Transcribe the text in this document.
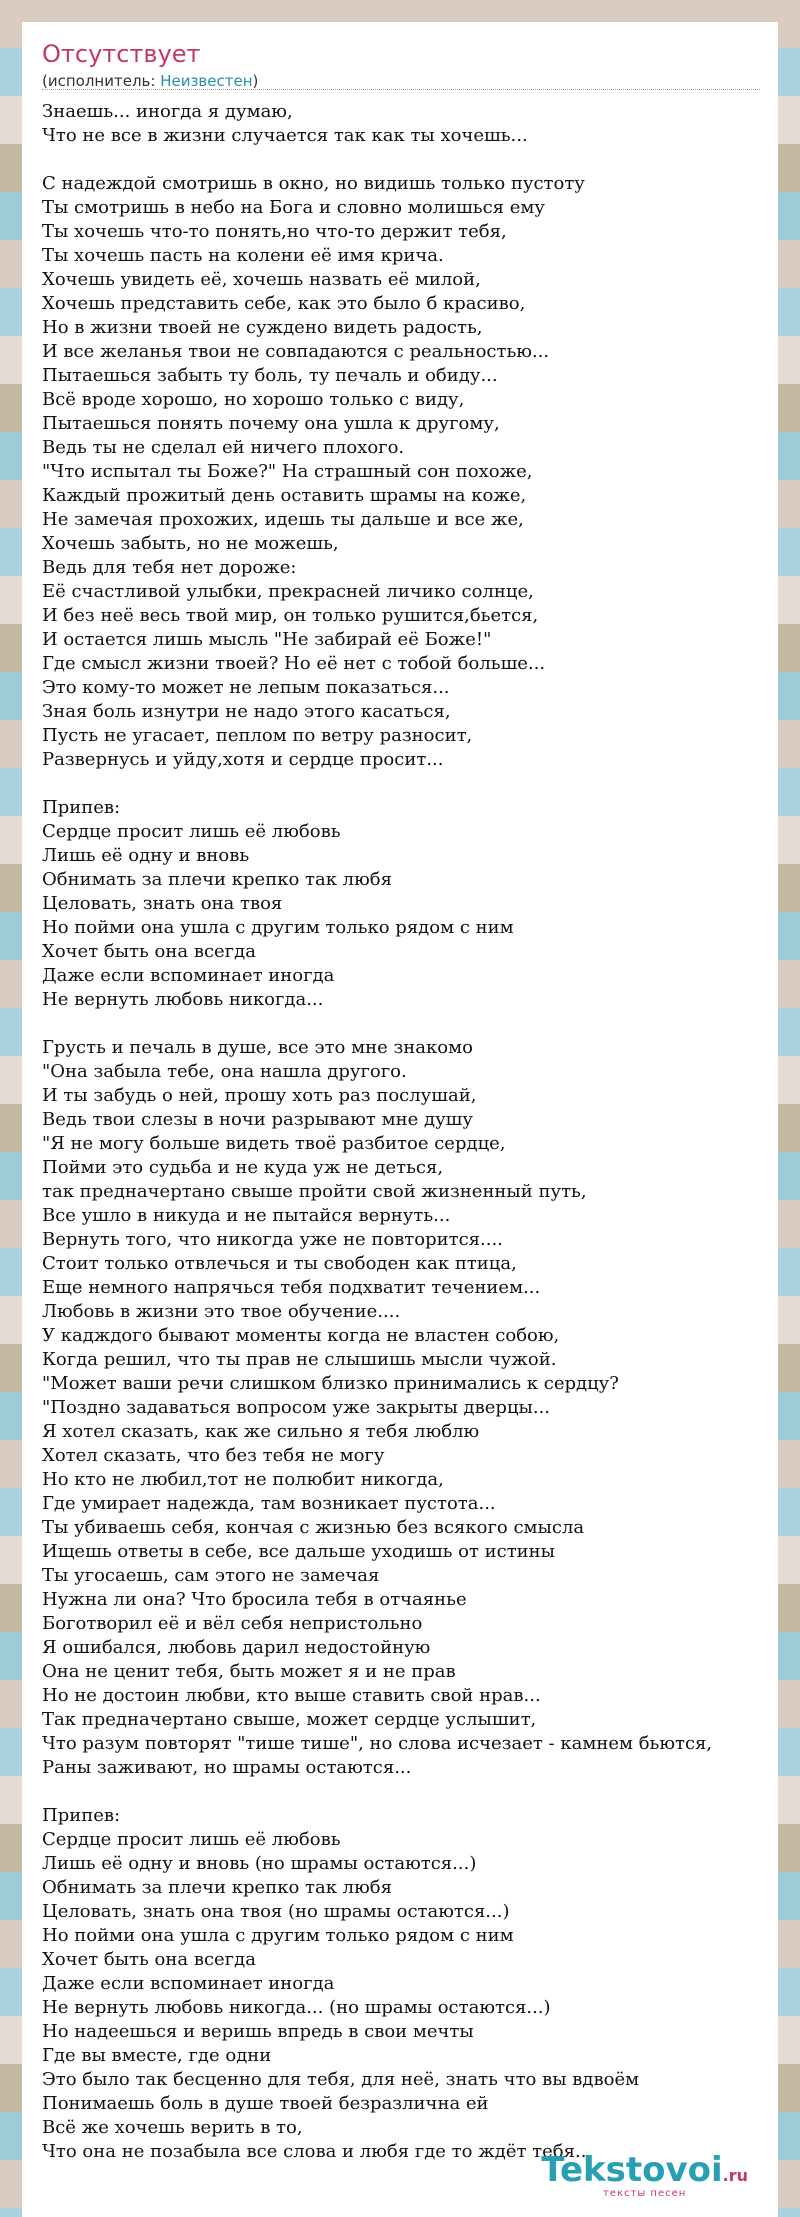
Отсутствует
(исполнитель: Неизвестен)
Знаешь... иногда я думаю,
Что не все в жизни случается так как ты хочешь...
С надеждой смотришь в окно, но видишь только пустоту
Ты смотришь в небо на Бога и словно молишься ему
Ты хочешь что-то понять,но что-то держит тебя,
Ты хочешь пасть на колени её имя крича.
Хочешь увидеть её, хочешь назвать её милой,
Хочешь представить себе, как это было б красиво,
Но в жизни твоей не суждено видеть радость,
И все желанья твои не совпадаются с реальностью...
Пытаешься забыть ту боль, ту печаль и обиду...
Всё вроде хорошо, но хорошо только с виду,
Пытаешься понять почему она ушла к другому,
Ведь ты не сделал ей ничего плохого.
"Что испытал ты Боже?" На страшный сон похоже,
Каждый прожитый день оставить шрамы на коже,
Не замечая прохожих, идешь ты дальше и все же,
Хочешь забыть, но не можешь,
Ведь для тебя нет дороже:
Её счастливой улыбки, прекрасней личико солнце,
И без неё весь твой мир, он только рушится,бьется,
И остается лишь мысль "Не забирай её Боже!"
Где смысл жизни твоей? Но её нет с тобой больше...
Это кому-то может не лепым показаться...
Зная боль изнутри не надо этого касаться,
Пусть не угасает, пеплом по ветру разносит,
Развернусь и уйду,хотя и сердце просит...
Припев:
Сердце просит лишь её любовь
Лишь её одну и вновь
Обнимать за плечи крепко так любя
Целовать, знать она твоя
Но пойми она ушла с другим только рядом с ним
Хочет быть она всегда
Даже если вспоминает иногда
Не вернуть любовь никогда...
Грусть и печаль в душе, все это мне знакомо
"Она забыла тебе, она нашла другого.
И ты забудь о ней, прошу хоть раз послушай,
Ведь твои слезы в ночи разрывают мне душу
"Я не могу больше видеть твоё разбитое сердце,
Пойми это судьба и не куда уж не деться,
так предначертано свыше пройти свой жизненный путь,
Все ушло в никуда и не пытайся вернуть...
Вернуть того, что никогда уже не повторится....
Стоит только отвлечься и ты свободен как птица,
Еще немного напрячься тебя подхватит течением...
Любовь в жизни это твое обучение....
У кадждого бывают моменты когда не властен собою,
Когда решил, что ты прав не слышишь мысли чужой.
"Может ваши речи слишком близко принимались к сердцу?
"Поздно задаваться вопросом уже закрыты дверцы...
Я хотел сказать, как же сильно я тебя люблю
Хотел сказать, что без тебя не могу
Но кто не любил,тот не полюбит никогда,
Где умирает надежда, там возникает пустота...
Ты убиваешь себя, кончая с жизнью без всякого смысла
Ищешь ответы в себе, все дальше уходишь от истины
Ты угосаешь, сам этого не замечая
Нужна ли она? Что бросила тебя в отчаянье
Боготворил её и вёл себя непристольно
Я ошибался, любовь дарил недостойную
Она не ценит тебя, быть может я и не прав
Но не достоин любви, кто выше ставить свой нрав...
Так предначертано свыше, может сердце услышит,
Что разум повторят "тише тише", но слова исчезает - камнем бьются,
Раны заживают, но шрамы остаются...
Припев:
Сердце просит лишь её любовь
Лишь её одну и вновь (но шрамы остаются...)
Обнимать за плечи крепко так любя
Целовать, знать она твоя (но шрамы остаются...)
Но пойми она ушла с другим только рядом с ним
Хочет быть она всегда
Даже если вспоминает иногда
Не вернуть любовь никогда... (но шрамы остаются...)
Но надеешься и веришь впредь в свои мечты
Где вы вместе, где одни
Это было так бесценно для тебя, для неё, знать что вы вдвоём
Понимаешь боль в душе твоей безразлична ей
Всё же хочешь верить в то,
Что она не позабыла все слова и любя где то ждёт тебя...
Tekstovoi.ru
тексты песен
